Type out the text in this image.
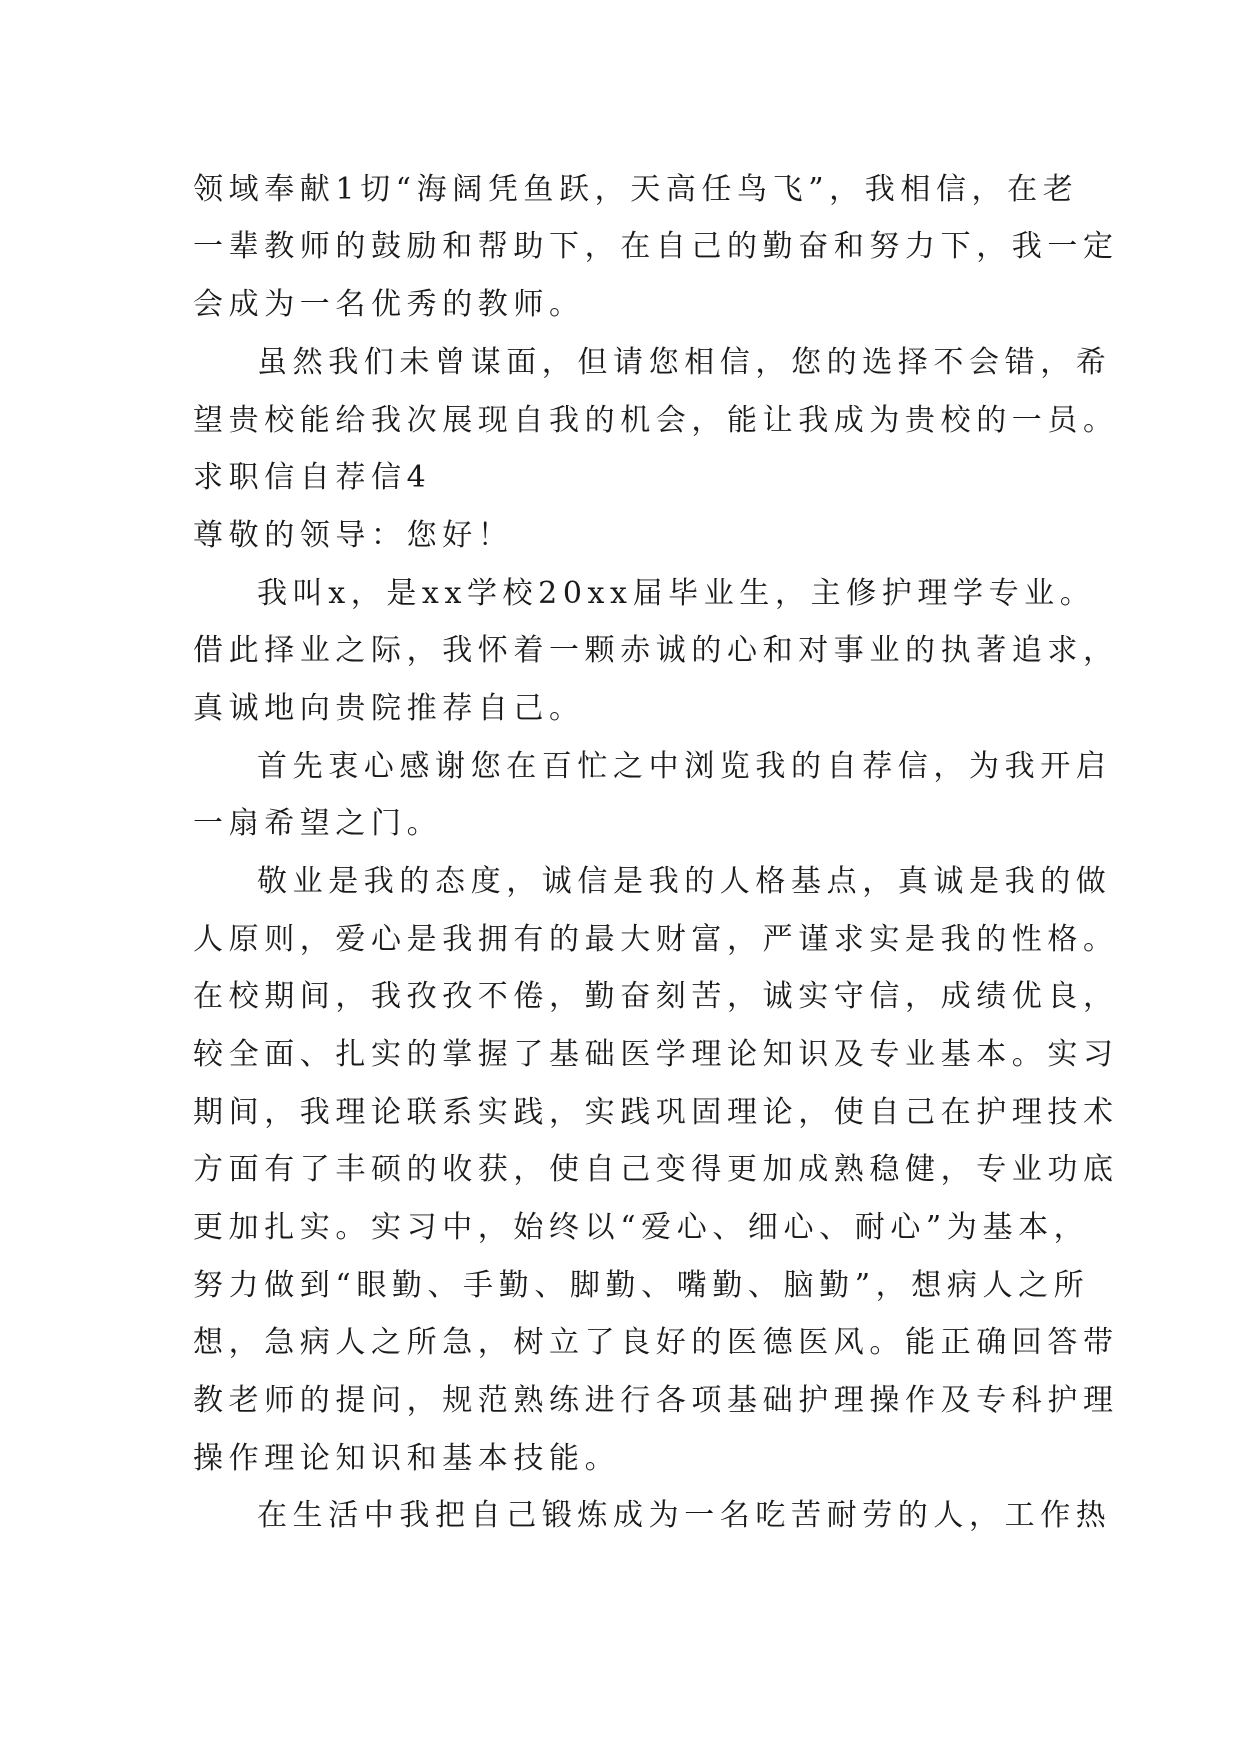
领域奉献1切“海阔凭鱼跃，天高任鸟飞”，我相信，在老
一辈教师的鼓励和帮助下，在自己的勤奋和努力下，我一定
会成为一名优秀的教师。
虽然我们未曾谋面，但请您相信，您的选择不会错，希
望贵校能给我次展现自我的机会，能让我成为贵校的一员。
求职信自荐信4
尊敬的领导：您好！
我叫x，是xx学校20xx届毕业生，主修护理学专业。
借此择业之际，我怀着一颗赤诚的心和对事业的执著追求，
真诚地向贵院推荐自己。
首先衷心感谢您在百忙之中浏览我的自荐信，为我开启
一扇希望之门。
敬业是我的态度，诚信是我的人格基点，真诚是我的做
人原则，爱心是我拥有的最大财富，严谨求实是我的性格。
在校期间，我孜孜不倦，勤奋刻苦，诚实守信，成绩优良，
较全面、扎实的掌握了基础医学理论知识及专业基本。实习
期间，我理论联系实践，实践巩固理论，使自己在护理技术
方面有了丰硕的收获，使自己变得更加成熟稳健，专业功底
更加扎实。实习中，始终以“爱心、细心、耐心”为基本，
努力做到“眼勤、手勤、脚勤、嘴勤、脑勤”，想病人之所
想，急病人之所急，树立了良好的医德医风。能正确回答带
教老师的提问，规范熟练进行各项基础护理操作及专科护理
操作理论知识和基本技能。
在生活中我把自己锻炼成为一名吃苦耐劳的人，工作热
